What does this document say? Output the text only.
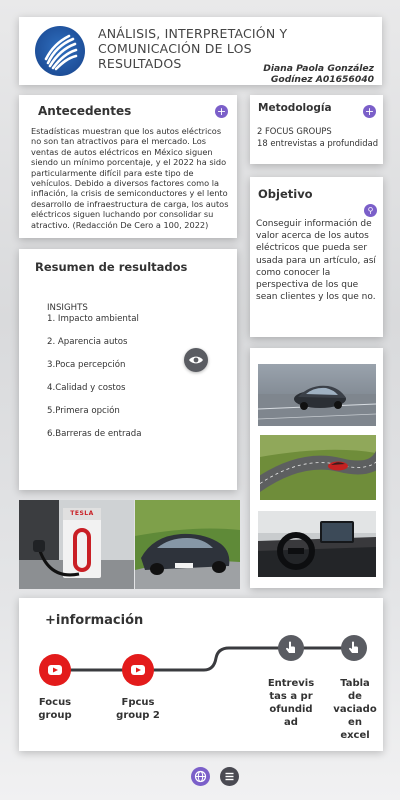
ANÁLISIS, INTERPRETACIÓN Y COMUNICACIÓN DE LOS RESULTADOS	Diana Paola González
Godínez A01656040
Antecedentes	+
Estadísticas muestran que los autos eléctricos no son tan atractivos para el mercado. Los ventas de autos eléctricos en México siguen siendo un mínimo porcentaje, y el 2022 ha sido particularmente difícil para este tipo de vehículos. Debido a diversos factores como la inflación, la crisis de semiconductores y el lento desarrollo de infraestructura de carga, los autos eléctricos siguen luchando por consolidar su atractivo. (Redacción De Cero a 100, 2022)
Metodología	+
2 FOCUS GROUPS
18 entrevistas a profundidad
Objetivo
⚲
Conseguir información de valor acerca de los autos eléctricos que pueda ser usada para un artículo, así como conocer la perspectiva de los que sean clientes y los que no.
Resumen de resultados
INSIGHTS
1. Impacto ambiental
2. Aparencia autos
3.Poca percepción
4.Calidad y costos
5.Primera opción
6.Barreras de entrada
TESLA
+información
Focus group
Fpcus group 2
Entrevistas a profundidad
Tabla de vaciado en excel
